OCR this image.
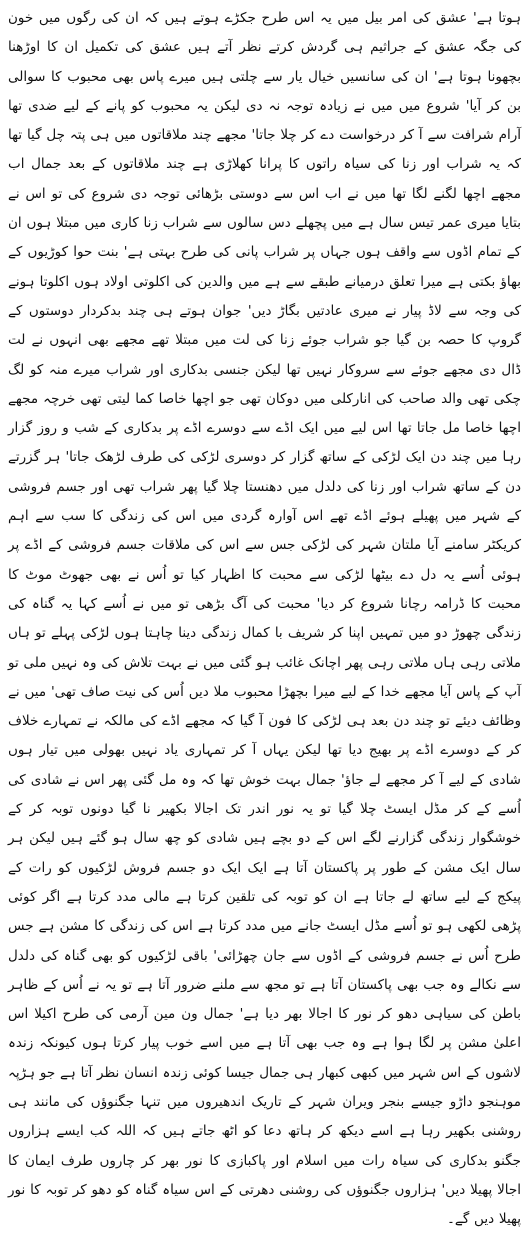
ہوتا ہے' عشق کی امر بیل میں یہ اس طرح جکڑے ہوتے ہیں کہ ان کی رگوں میں خون کی جگہ عشق کے جراثیم ہی گردش کرتے نظر آتے ہیں عشق کی تکمیل ان کا اوڑھنا بچھونا ہوتا ہے' ان کی سانسیں خیال یار سے چلتی ہیں میرے پاس بھی محبوب کا سوالی بن کر آیا' شروع میں میں نے زیادہ توجہ نہ دی لیکن یہ محبوب کو پانے کے لیے ضدی تھا آرام شرافت سے آ کر درخواست دے کر چلا جاتا' مجھے چند ملاقاتوں میں ہی پتہ چل گیا تھا کہ یہ شراب اور زنا کی سیاہ راتوں کا پرانا کھلاڑی ہے چند ملاقاتوں کے بعد جمال اب مجھے اچھا لگنے لگا تھا میں نے اب اس سے دوستی بڑھائی توجہ دی شروع کی تو اس نے بتایا میری عمر تیس سال ہے میں پچھلے دس سالوں سے شراب زنا کاری میں مبتلا ہوں ان کے تمام اڈوں سے واقف ہوں جہاں پر شراب پانی کی طرح بہتی ہے' بنت حوا کوڑیوں کے بھاؤ بکتی ہے میرا تعلق درمیانے طبقے سے ہے میں والدین کی اکلوتی اولاد ہوں اکلوتا ہونے کی وجہ سے لاڈ پیار نے میری عادتیں بگاڑ دیں' جوان ہوتے ہی چند بدکردار دوستوں کے گروپ کا حصہ بن گیا جو شراب جوئے زنا کی لت میں مبتلا تھے مجھے بھی انہوں نے لت ڈال دی مجھے جوئے سے سروکار نہیں تھا لیکن جنسی بدکاری اور شراب میرے منہ کو لگ چکی تھی والد صاحب کی انارکلی میں دوکان تھی جو اچھا خاصا کما لیتی تھی خرچہ مجھے اچھا خاصا مل جاتا تھا اس لیے میں ایک اڈے سے دوسرے اڈے پر بدکاری کے شب و روز گزار رہا میں چند دن ایک لڑکی کے ساتھ گزار کر دوسری لڑکی کی طرف لڑھک جاتا' ہر گزرتے دن کے ساتھ شراب اور زنا کی دلدل میں دھنستا چلا گیا پھر شراب تھی اور جسم فروشی کے شہر میں پھیلے ہوئے اڈے تھے اس آوارہ گردی میں اس کی زندگی کا سب سے اہم کریکٹر سامنے آیا ملتان شہر کی لڑکی جس سے اس کی ملاقات جسم فروشی کے اڈے پر ہوئی اُسے یہ دل دے بیٹھا لڑکی سے محبت کا اظہار کیا تو اُس نے بھی جھوٹ موٹ کا محبت کا ڈرامہ رچانا شروع کر دیا' محبت کی آگ بڑھی تو میں نے اُسے کہا یہ گناہ کی زندگی چھوڑ دو میں تمہیں اپنا کر شریف با کمال زندگی دینا چاہتا ہوں لڑکی پہلے تو ہاں ملاتی رہی ہاں ملاتی رہی پھر اچانک غائب ہو گئی میں نے بہت تلاش کی وہ نہیں ملی تو آپ کے پاس آیا مجھے خدا کے لیے میرا بچھڑا محبوب ملا دیں اُس کی نیت صاف تھی' میں نے وظائف دیئے تو چند دن بعد ہی لڑکی کا فون آ گیا کہ مجھے اڈے کی مالکہ نے تمہارے خلاف کر کے دوسرے اڈے پر بھیج دیا تھا لیکن یہاں آ کر تمہاری یاد نہیں بھولی میں تیار ہوں شادی کے لیے آ کر مجھے لے جاؤ' جمال بہت خوش تھا کہ وہ مل گئی پھر اس نے شادی کی اُسے کے کر مڈل ایسٹ چلا گیا تو یہ نور اندر تک اجالا بکھیر نا گیا دونوں توبہ کر کے خوشگوار زندگی گزارنے لگے اس کے دو بچے ہیں شادی کو چھ سال ہو گئے ہیں لیکن ہر سال ایک مشن کے طور پر پاکستان آتا ہے ایک ایک دو جسم فروش لڑکیوں کو رات کے پیکج کے لیے ساتھ لے جاتا ہے ان کو توبہ کی تلقین کرتا ہے مالی مدد کرتا ہے اگر کوئی پڑھی لکھی ہو تو اُسے مڈل ایسٹ جانے میں مدد کرتا ہے اس کی زندگی کا مشن ہے جس طرح اُس نے جسم فروشی کے اڈوں سے جان چھڑائی' باقی لڑکیوں کو بھی گناہ کی دلدل سے نکالے وہ جب بھی پاکستان آتا ہے تو مجھ سے ملنے ضرور آتا ہے تو یہ نے اُس کے ظاہر باطن کی سیاہی دھو کر نور کا اجالا بھر دیا ہے' جمال ون مین آرمی کی طرح اکیلا اس اعلیٰ مشن پر لگا ہوا ہے وہ جب بھی آتا ہے میں اسے خوب پیار کرتا ہوں کیونکہ زندہ لاشوں کے اس شہر میں کبھی کبھار ہی جمال جیسا کوئی زندہ انسان نظر آتا ہے جو ہڑپہ موہنجو داڑو جیسے بنجر ویران شہر کے تاریک اندھیروں میں تنہا جگنوؤں کی مانند ہی روشنی بکھیر رہا ہے اسے دیکھ کر ہاتھ دعا کو اٹھ جاتے ہیں کہ اللہ کب ایسے ہزاروں جگنو بدکاری کی سیاہ رات میں اسلام اور پاکبازی کا نور بھر کر چاروں طرف ایمان کا اجالا پھیلا دیں' ہزاروں جگنوؤں کی روشنی دھرتی کے اس سیاہ گناہ کو دھو کر توبہ کا نور پھیلا دیں گے۔
